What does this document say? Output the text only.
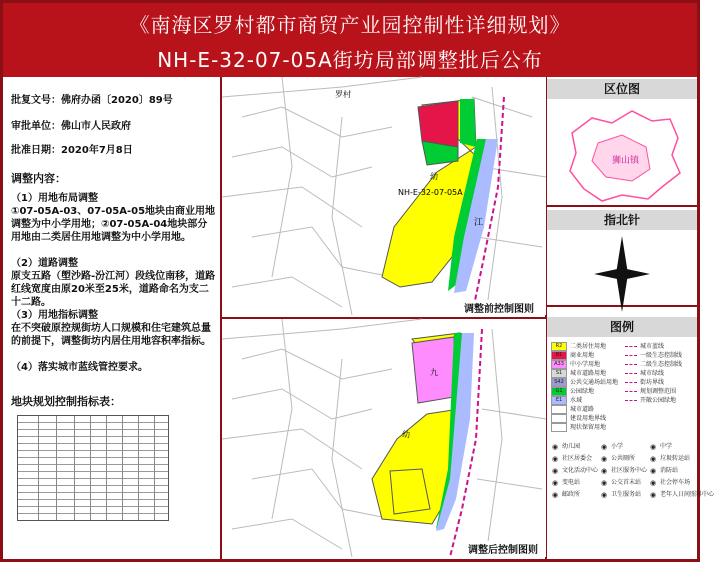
《南海区罗村都市商贸产业园控制性详细规划》
NH-E-32-07-05A街坊局部调整批后公布
批复文号：佛府办函〔2020〕89号
审批单位：佛山市人民政府
批准日期：2020年7月8日
调整内容：
（1）用地布局调整
①07-05A-03、07-05A-05地块由商业用地调整为中小学用地；②07-05A-04地块部分用地由二类居住用地调整为中小学用地。
（2）道路调整
原支五路（塱沙路-汾江河）段线位南移，道路红线宽度由原20米至25米，道路命名为支二十二路。
（3）用地指标调整
在不突破原控规街坊人口规模和住宅建筑总量的前提下，调整街坊内居住用地容积率指标。
（4）落实城市蓝线管控要求。
地块规划控制指标表：
NH-E-32-07-05A
江
罗村
幼
调整前控制图则
九
幼
调整后控制图则
区位图
狮山镇
指北针
图例
R2 二类居住用地
B1 商业用地
A33 中小学用地
S1 城市道路用地
S42 公共交通场站用地
G1 公园绿地
E1 水域
城市道路
建设用地界线
现状保留用地
城市蓝线
一级生态控制线
二级生态控制线
城市绿线
街坊界线
规划调整范围
开敞公园绿地
◉ 幼儿园	◉ 小学	◉ 中学
◉ 社区居委会 ◉ 公共厕所 ◉ 垃圾转运站
◉ 文化活动中心 ◉ 社区服务中心 ◉ 消防站
◉ 变电站	◉ 公交首末站 ◉ 社会停车场
◉ 邮政所	◉ 卫生服务站 ◉ 老年人日间照料中心
